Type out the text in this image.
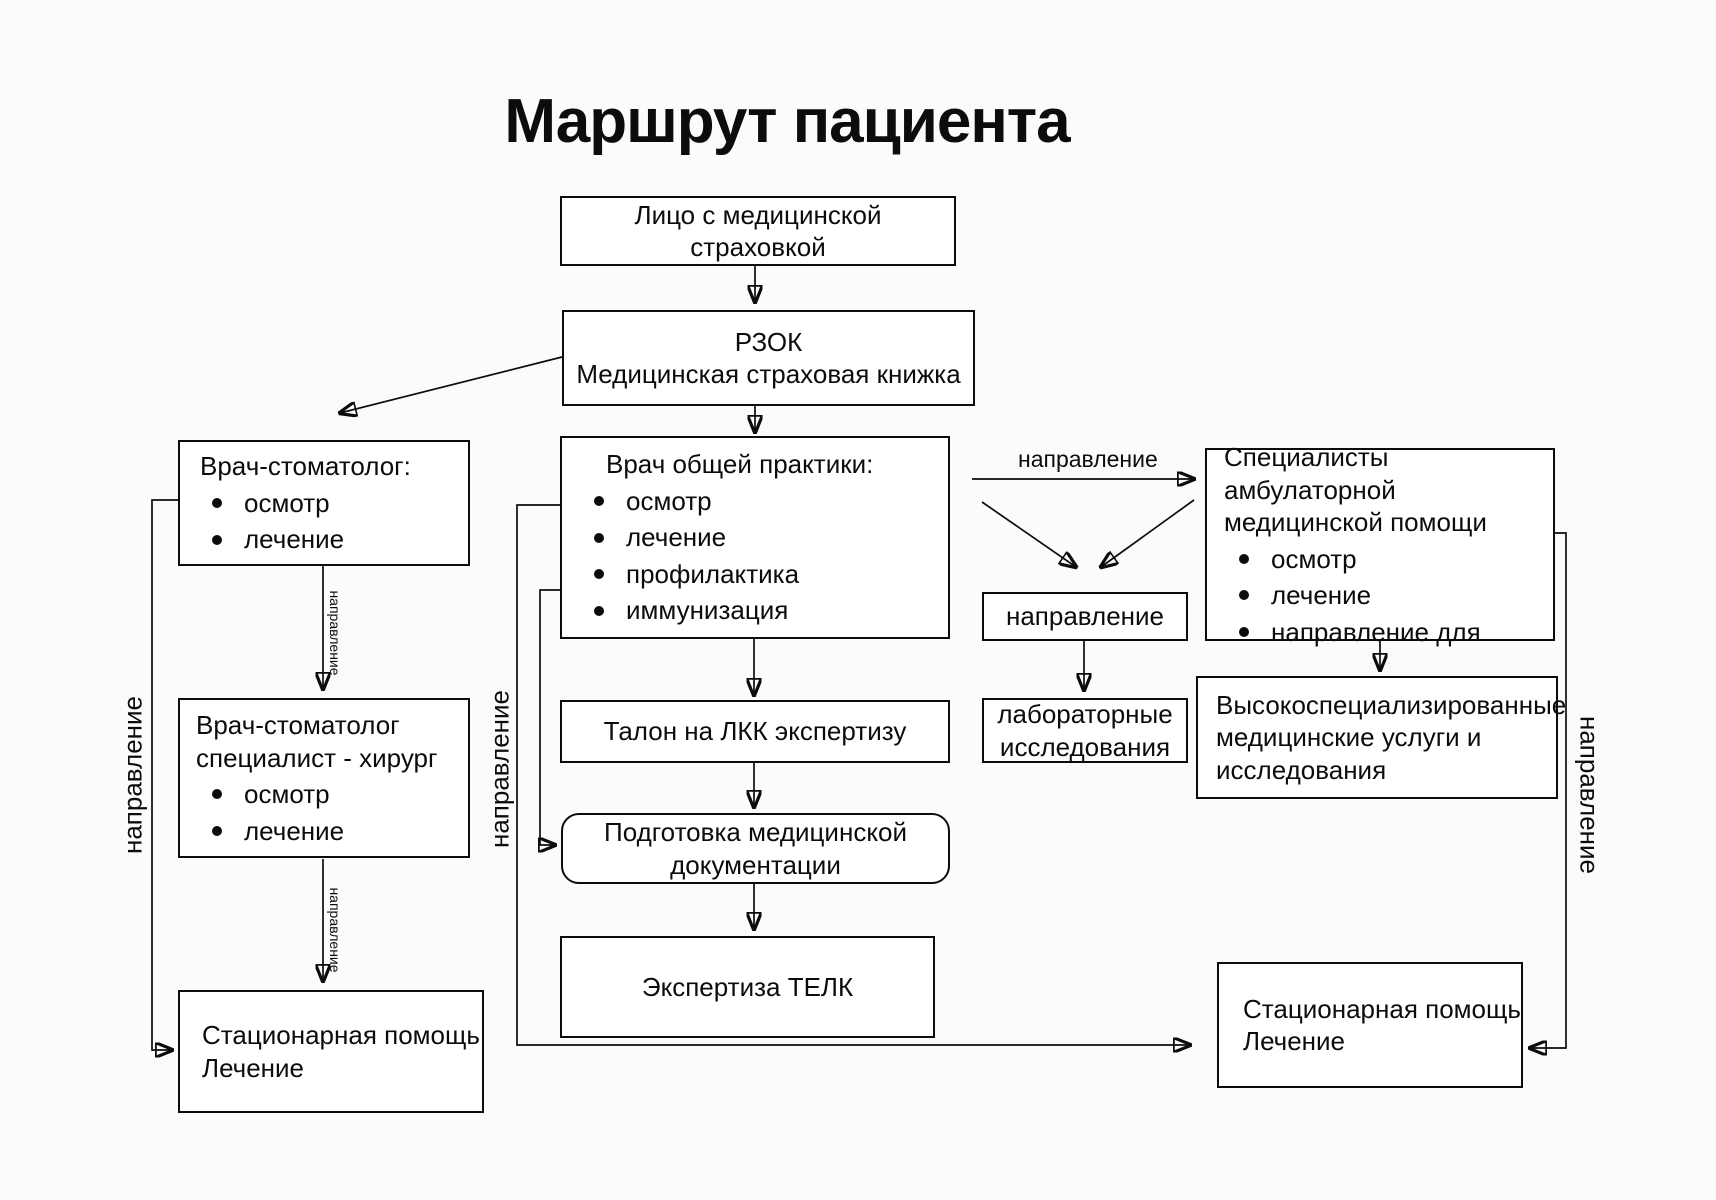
Маршрут пациента
Лицо с медицинской
страховкой
РЗОК
Медицинская страховая книжка
Врач-стоматолог:
осмотр
лечение
Врач-стоматолог
специалист - хирург
осмотр
лечение
Стационарная помощь
Лечение
Врач общей практики:
осмотр
лечение
профилактика
иммунизация
Талон на ЛКК экспертизу
Подготовка медицинской
документации
Экспертиза ТЕЛК
направление
лабораторные
исследования
Специалисты
амбулаторной
медицинской помощи
осмотр
лечение
направление для
Высокоспециализированные
медицинские услуги и
исследования
Стационарная помощь
Лечение
направление	направление	направление
направление
направление
направление
